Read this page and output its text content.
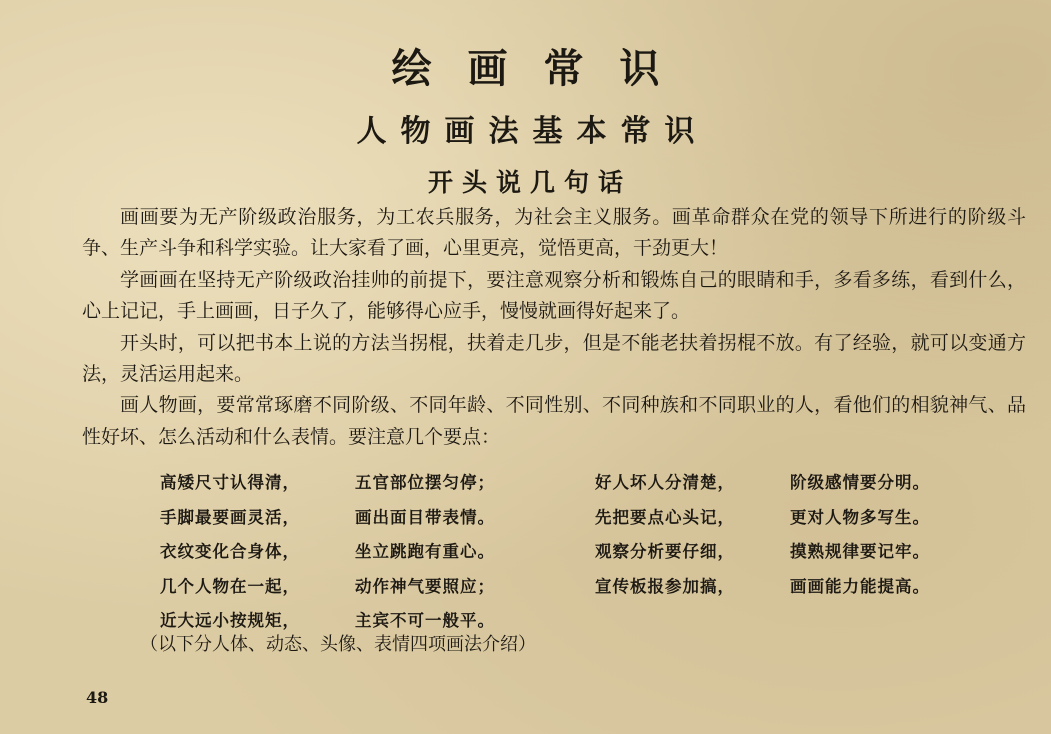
绘画常识
人物画法基本常识
开头说几句话

画画要为无产阶级政治服务，为工农兵服务，为社会主义服务。画革命群众在党的领导下所进行的阶级斗争、生产斗争和科学实验。让大家看了画，心里更亮，觉悟更高，干劲更大！

学画画在坚持无产阶级政治挂帅的前提下，要注意观察分析和锻炼自己的眼睛和手，多看多练，看到什么，心上记记，手上画画，日子久了，能够得心应手，慢慢就画得好起来了。

开头时，可以把书本上说的方法当拐棍，扶着走几步，但是不能老扶着拐棍不放。有了经验，就可以变通方法，灵活运用起来。

画人物画，要常常琢磨不同阶级、不同年龄、不同性别、不同种族和不同职业的人，看他们的相貌神气、品性好坏、怎么活动和什么表情。要注意几个要点：

高矮尺寸认得清，	五官部位摆匀停；	好人坏人分清楚，	阶级感情要分明。
手脚最要画灵活，	画出面目带表情。	先把要点心头记，	更对人物多写生。
衣纹变化合身体，	坐立跳跑有重心。	观察分析要仔细，	摸熟规律要记牢。
几个人物在一起，	动作神气要照应；	宣传板报参加搞，	画画能力能提高。
近大远小按规矩，	主宾不可一般平。
（以下分人体、动态、头像、表情四项画法介绍）
48
